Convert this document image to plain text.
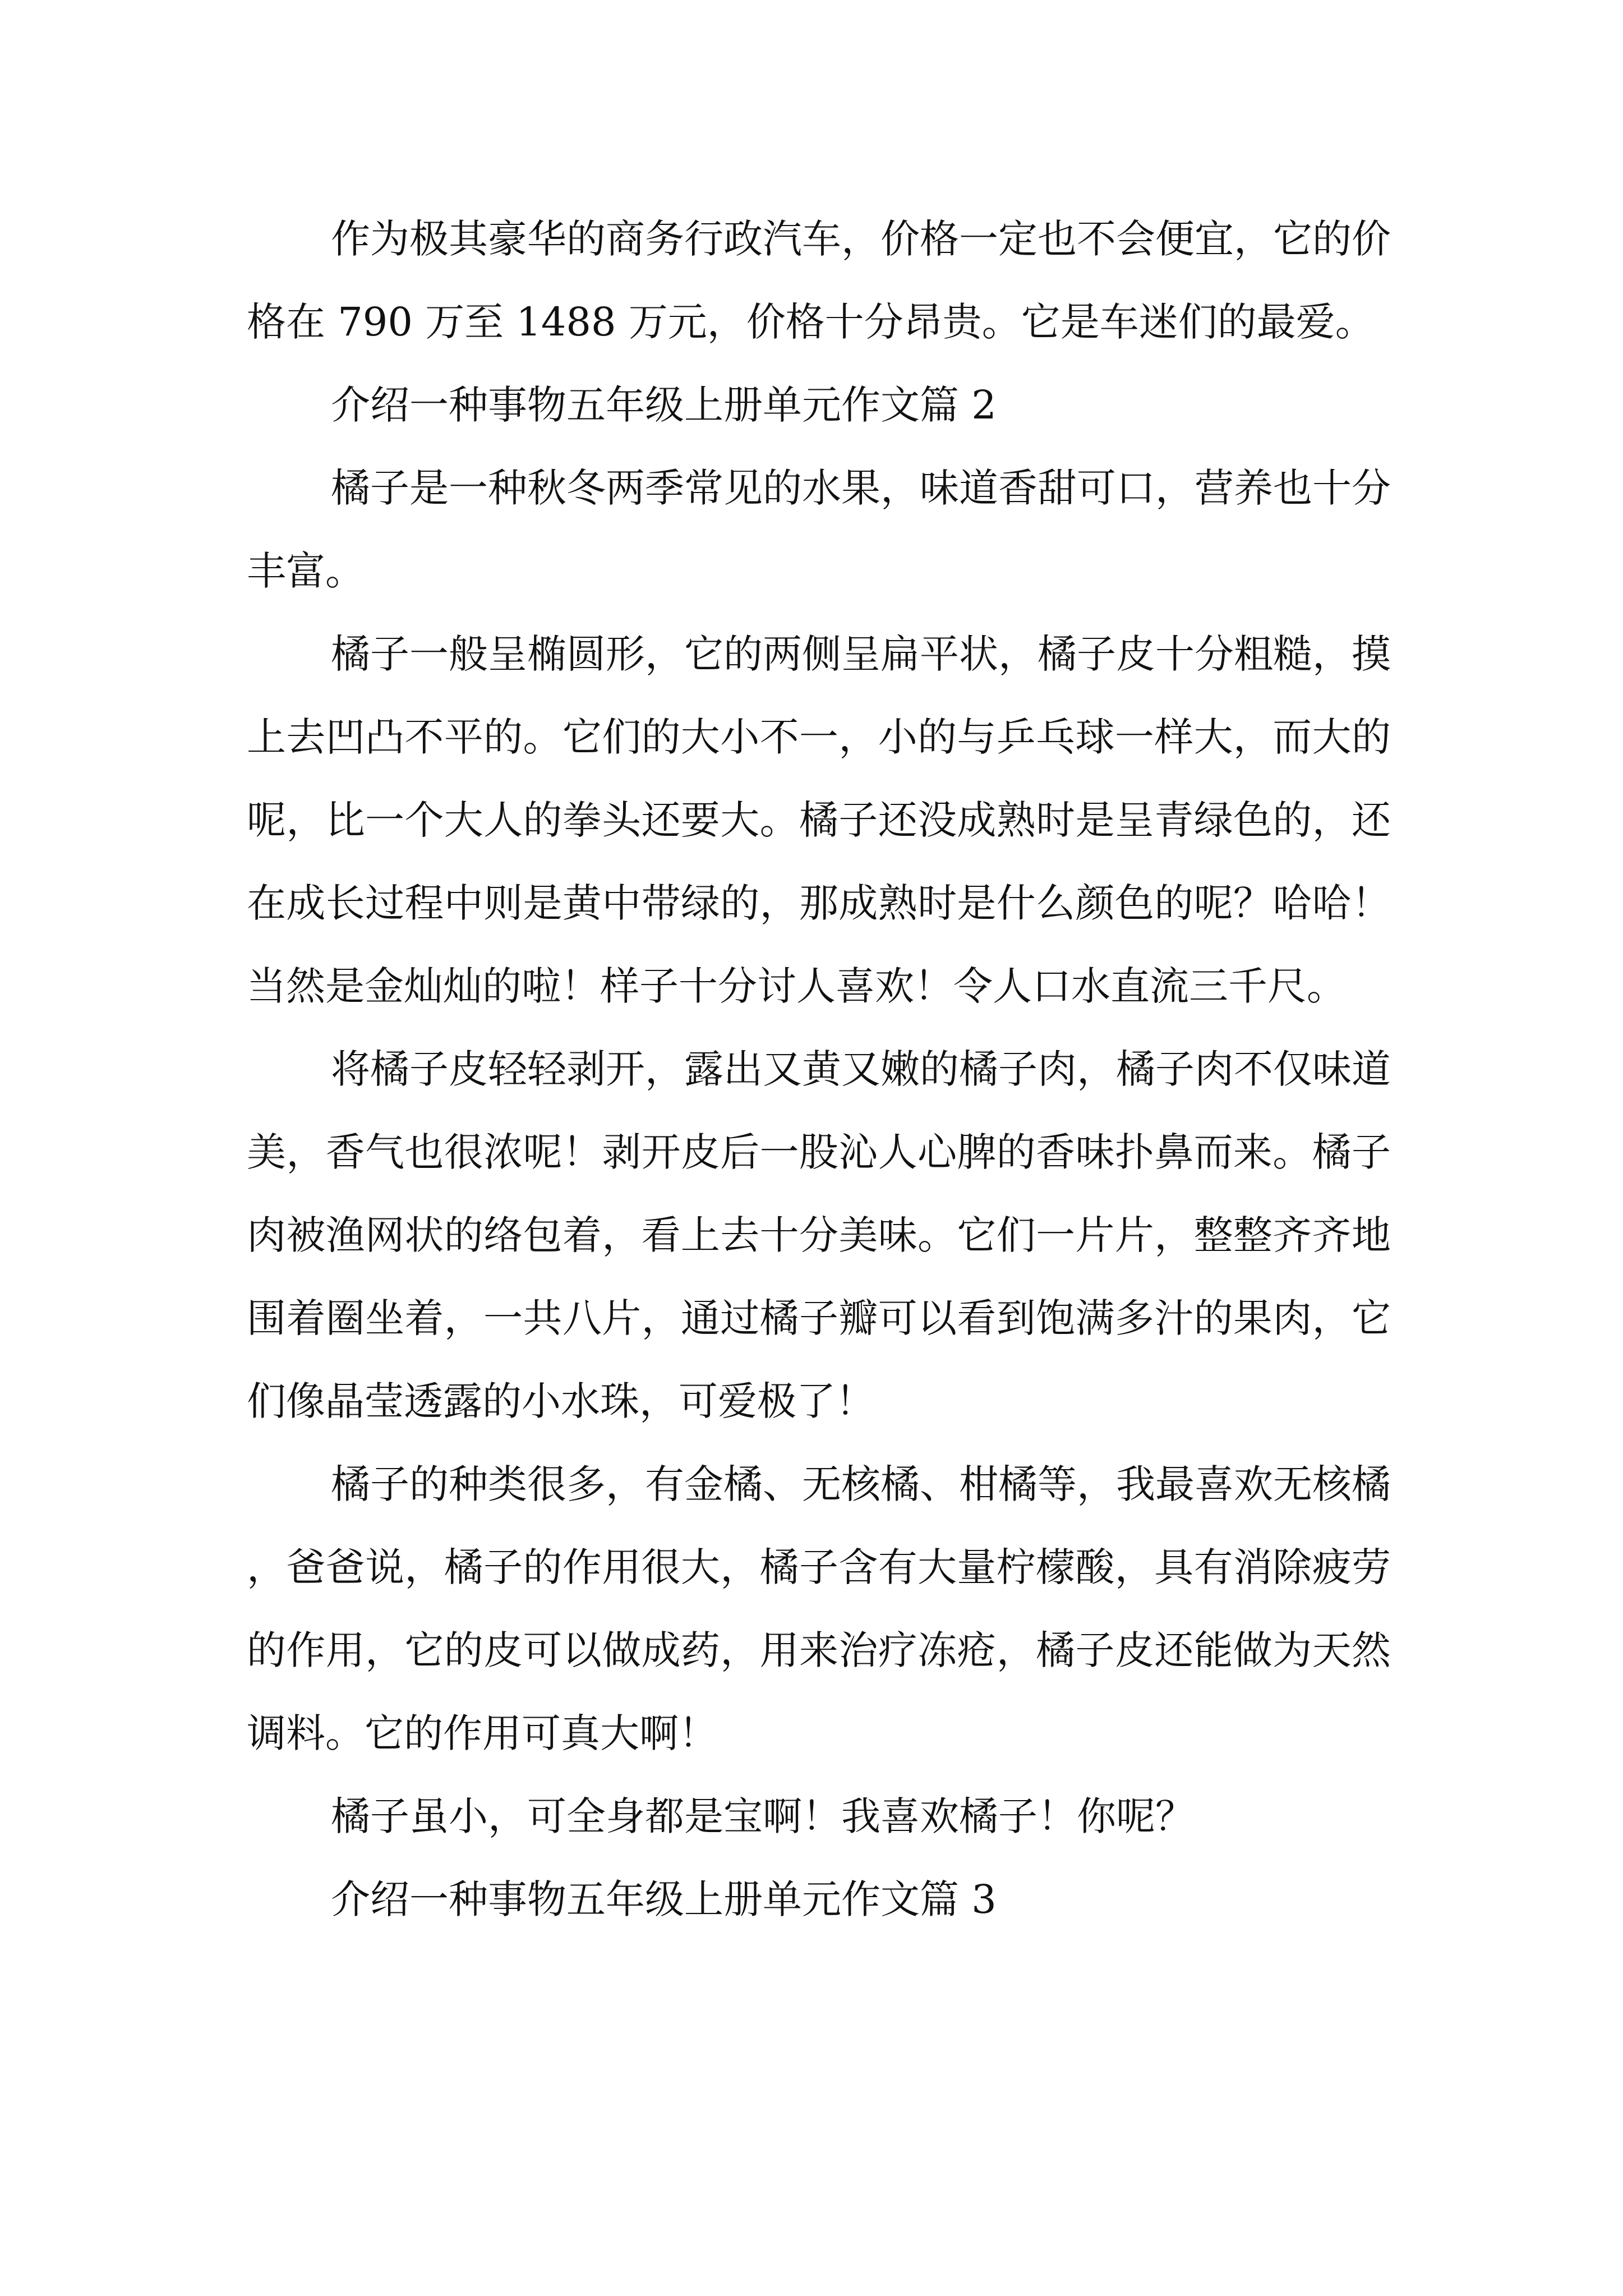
作为极其豪华的商务行政汽车，价格一定也不会便宜，它的价格在 790 万至 1488 万元，价格十分昂贵。它是车迷们的最爱。

介绍一种事物五年级上册单元作文篇 2

橘子是一种秋冬两季常见的水果，味道香甜可口，营养也十分丰富。

橘子一般呈椭圆形，它的两侧呈扁平状，橘子皮十分粗糙，摸上去凹凸不平的。它们的大小不一，小的与乒乓球一样大，而大的呢，比一个大人的拳头还要大。橘子还没成熟时是呈青绿色的，还在成长过程中则是黄中带绿的，那成熟时是什么颜色的呢？哈哈！当然是金灿灿的啦！样子十分讨人喜欢！令人口水直流三千尺。

将橘子皮轻轻剥开，露出又黄又嫩的橘子肉，橘子肉不仅味道美，香气也很浓呢！剥开皮后一股沁人心脾的香味扑鼻而来。橘子肉被渔网状的络包着，看上去十分美味。它们一片片，整整齐齐地围着圈坐着，一共八片，通过橘子瓣可以看到饱满多汁的果肉，它们像晶莹透露的小水珠，可爱极了！

橘子的种类很多，有金橘、无核橘、柑橘等，我最喜欢无核橘，爸爸说，橘子的作用很大，橘子含有大量柠檬酸，具有消除疲劳的作用，它的皮可以做成药，用来治疗冻疮，橘子皮还能做为天然调料。它的作用可真大啊！

橘子虽小，可全身都是宝啊！我喜欢橘子！你呢？

介绍一种事物五年级上册单元作文篇 3
